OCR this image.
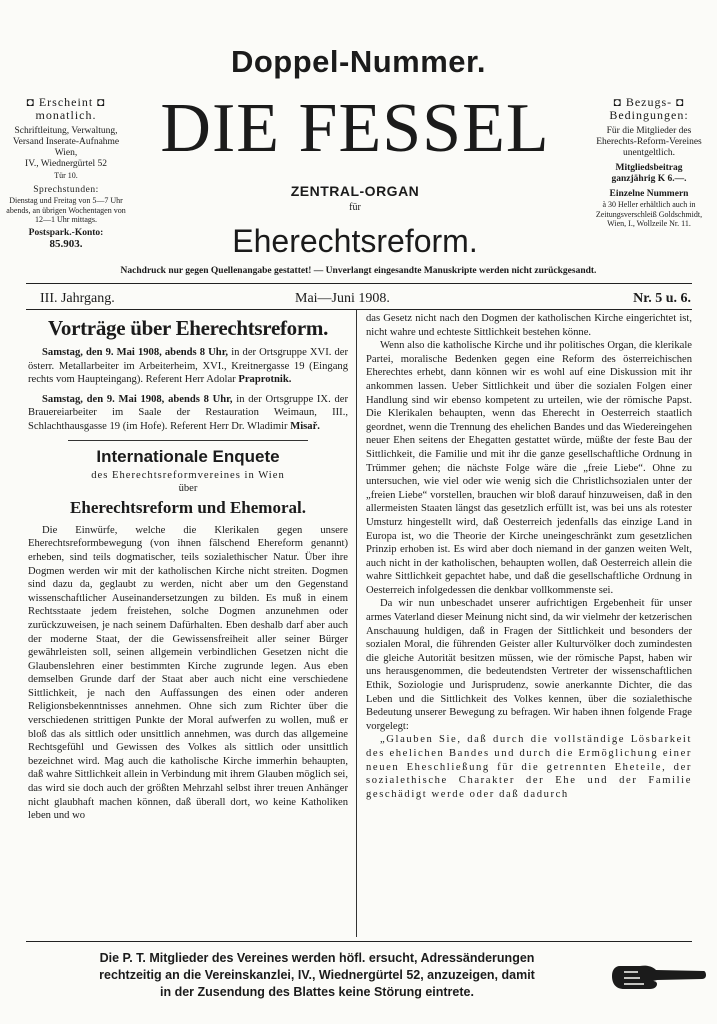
Doppel-Nummer.
◘ Erscheint ◘
monatlich.

Schriftleitung, Verwaltung, Versand Inserate-Aufnahme Wien,

IV., Wiednergürtel 52
Tür 10.

Sprechstunden:

Dienstag und Freitag von 5—7 Uhr abends, an übrigen Wochentagen von 12—1 Uhr mittags.
Postspark.-Konto:
85.903.
DIE FESSEL	◘ Bezugs- ◘
Bedingungen:

Für die Mitglieder des Eherechts-Reform-Vereines unentgeltlich.

Mitgliedsbeitrag
ganzjährig K 6.—.
Einzelne Nummern
à 30 Heller erhältlich auch in Zeitungsverschleiß Goldschmidt, Wien, I., Wollzeile Nr. 11.
ZENTRAL-ORGAN
für
Eherechtsreform.
Nachdruck nur gegen Quellenangabe gestattet! — Unverlangt eingesandte Manuskripte werden nicht zurückgesandt.
III. Jahrgang.	Mai—Juni 1908.	Nr. 5 u. 6.
Vorträge über Eherechtsreform.

Samstag, den 9. Mai 1908, abends 8 Uhr, in der Ortsgruppe XVI. der österr. Metallarbeiter im Arbeiterheim, XVI., Kreitnergasse 19 (Eingang rechts vom Haupteingang). Referent Herr Adolar Praprotnik.

Samstag, den 9. Mai 1908, abends 8 Uhr, in der Ortsgruppe IX. der Brauereiarbeiter im Saale der Restauration Weimaun, III., Schlachthausgasse 19 (im Hofe). Referent Herr Dr. Wladimir Misař.

Internationale Enquete
des Eherechtsreformvereines in Wien
über
Eherechtsreform und Ehemoral.

Die Einwürfe, welche die Klerikalen gegen unsere Eherechtsreformbewegung (von ihnen fälschend Ehereform genannt) erheben, sind teils dogmatischer, teils sozialethischer Natur. Über ihre Dogmen werden wir mit der katholischen Kirche nicht streiten. Dogmen sind dazu da, geglaubt zu werden, nicht aber um den Gegenstand wissenschaftlicher Auseinandersetzungen zu bilden. Es muß in einem Rechtsstaate jedem freistehen, solche Dogmen anzunehmen oder zurückzuweisen, je nach seinem Dafürhalten. Eben deshalb darf aber auch der moderne Staat, der die Gewissensfreiheit aller seiner Bürger gewährleisten soll, seinen allgemein verbindlichen Gesetzen nicht die Glaubenslehren einer bestimmten Kirche zugrunde legen. Aus eben demselben Grunde darf der Staat aber auch nicht eine verschiedene Sittlichkeit, je nach den Auffassungen des einen oder anderen Religionsbekenntnisses annehmen. Ohne sich zum Richter über die verschiedenen strittigen Punkte der Moral aufwerfen zu wollen, muß er bloß das als sittlich oder unsittlich annehmen, was durch das allgemeine Rechtsgefühl und Gewissen des Volkes als sittlich oder unsittlich bezeichnet wird. Mag auch die katholische Kirche immerhin behaupten, daß wahre Sittlichkeit allein in Verbindung mit ihrem Glauben möglich sei, das wird sie doch auch der größten Mehrzahl selbst ihrer treuen Anhänger nicht glaubhaft machen können, daß überall dort, wo keine Katholiken leben und wo

das Gesetz nicht nach den Dogmen der katholischen Kirche eingerichtet ist, nicht wahre und echteste Sittlichkeit bestehen könne.

Wenn also die katholische Kirche und ihr politisches Organ, die klerikale Partei, moralische Bedenken gegen eine Reform des österreichischen Eherechtes erhebt, dann können wir es wohl auf eine Diskussion mit ihr ankommen lassen. Ueber Sittlichkeit und über die sozialen Folgen einer Handlung sind wir ebenso kompetent zu urteilen, wie der römische Papst. Die Klerikalen behaupten, wenn das Eherecht in Oesterreich staatlich geordnet, wenn die Trennung des ehelichen Bandes und das Wiedereingehen neuer Ehen seitens der Ehegatten gestattet würde, müßte der feste Bau der Sittlichkeit, die Familie und mit ihr die ganze gesellschaftliche Ordnung in Trümmer gehen; die nächste Folge wäre die „freie Liebe“. Ohne zu untersuchen, wie viel oder wie wenig sich die Christlichsozialen unter der „freien Liebe“ vorstellen, brauchen wir bloß darauf hinzuweisen, daß in den allermeisten Staaten längst das gesetzlich erfüllt ist, was bei uns als rotester Umsturz hingestellt wird, daß Oesterreich jedenfalls das einzige Land in Europa ist, wo die Theorie der Kirche uneingeschränkt zum gesetzlichen Prinzip erhoben ist. Es wird aber doch niemand in der ganzen weiten Welt, auch nicht in der katholischen, behaupten wollen, daß Oesterreich allein die wahre Sittlichkeit gepachtet habe, und daß die gesellschaftliche Ordnung in Oesterreich infolgedessen die denkbar vollkommenste sei.

Da wir nun unbeschadet unserer aufrichtigen Ergebenheit für unser armes Vaterland dieser Meinung nicht sind, da wir vielmehr der ketzerischen Anschauung huldigen, daß in Fragen der Sittlichkeit und besonders der sozialen Moral, die führenden Geister aller Kulturvölker doch zumindesten die gleiche Autorität besitzen müssen, wie der römische Papst, haben wir uns herausgenommen, die bedeutendsten Vertreter der wissenschaftlichen Ethik, Soziologie und Jurisprudenz, sowie anerkannte Dichter, die das Leben und die Sittlichkeit des Volkes kennen, über die sozialethische Bedeutung unserer Bewegung zu befragen. Wir haben ihnen folgende Frage vorgelegt:

„Glauben Sie, daß durch die vollständige Lösbarkeit des ehelichen Bandes und durch die Ermöglichung einer neuen Eheschließung für die getrennten Eheteile, der sozialethische Charakter der Ehe und der Familie geschädigt werde oder daß dadurch

Die P. T. Mitglieder des Vereines werden höfl. ersucht, Adressänderungen
rechtzeitig an die Vereinskanzlei, IV., Wiednergürtel 52, anzuzeigen, damit
in der Zusendung des Blattes keine Störung eintrete.
